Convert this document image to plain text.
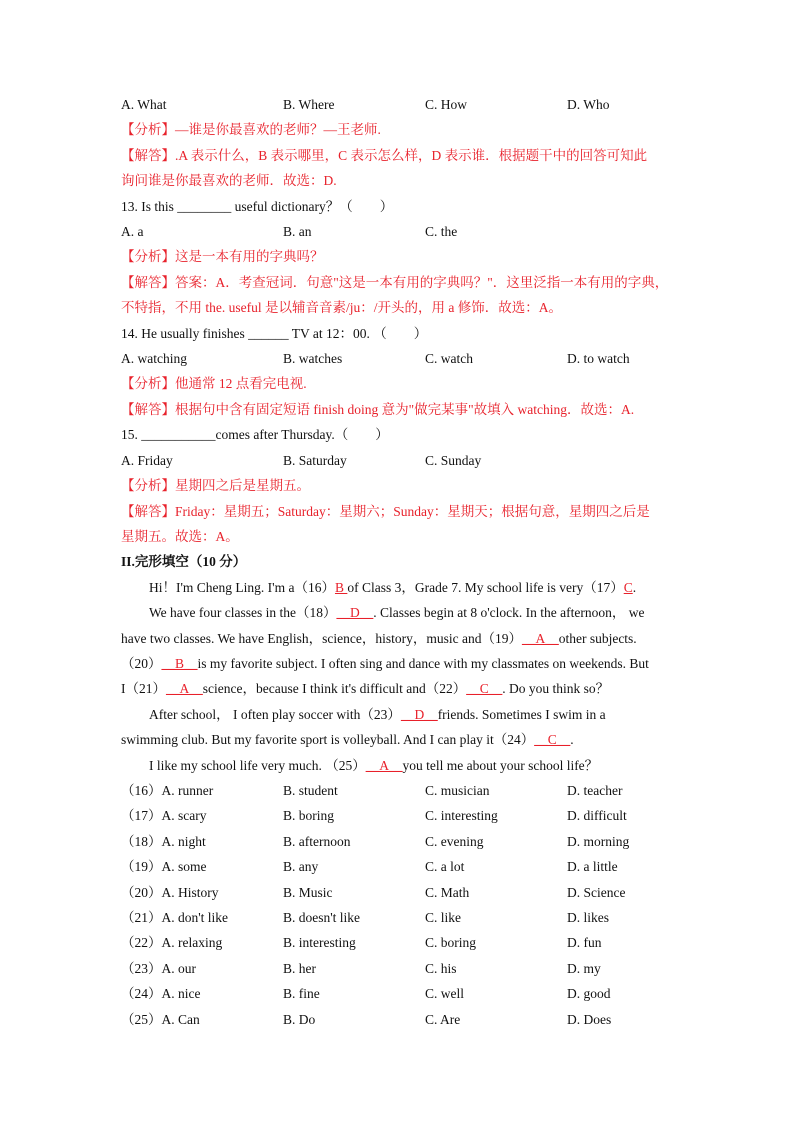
A. What	B. Where	C. How	D. Who
【分析】—谁是你最喜欢的老师？—王老师.
【解答】.A 表示什么，B 表示哪里，C 表示怎么样，D 表示谁．根据题干中的回答可知此
询问谁是你最喜欢的老师．故选：D.
13. Is this ________ useful dictionary？（　　）
A. a	B. an	C. the
【分析】这是一本有用的字典吗？
【解答】答案：A．考查冠词．句意"这是一本有用的字典吗？"．这里泛指一本有用的字典，
不特指，不用 the. useful 是以辅音音素/ju：/开头的，用 a 修饰．故选：A。
14. He usually finishes ______ TV at 12：00. （　　）
A. watching	B. watches	C. watch	D. to watch
【分析】他通常 12 点看完电视.
【解答】根据句中含有固定短语 finish doing 意为"做完某事"故填入 watching．故选：A.
15. ___________comes after Thursday.（　　）
A. Friday	B. Saturday	C. Sunday
【分析】星期四之后是星期五。
【解答】Friday：星期五；Saturday：星期六；Sunday：星期天；根据句意，星期四之后是
星期五。故选：A。
II.完形填空（10 分）
Hi！I'm Cheng Ling. I'm a（16）B of Class 3，Grade 7. My school life is very（17）C.
We have four classes in the（18）__D__. Classes begin at 8 o'clock. In the afternoon， we
have two classes. We have English，science，history，music and（19）__A__other subjects.
（20）__B__is my favorite subject. I often sing and dance with my classmates on weekends. But
I（21）__A__science，because I think it's difficult and（22）__C__. Do you think so？
After school， I often play soccer with（23）__D__friends. Sometimes I swim in a
swimming club. But my favorite sport is volleyball. And I can play it（24）__C__.
I like my school life very much. （25）__A__you tell me about your school life？
（16）A. runner	B. student	C. musician	D. teacher
（17）A. scary	B. boring	C. interesting	D. difficult
（18）A. night	B. afternoon	C. evening	D. morning
（19）A. some	B. any	C. a lot	D. a little
（20）A. History	B. Music	C. Math	D. Science
（21）A. don't like	B. doesn't like	C. like	D. likes
（22）A. relaxing	B. interesting	C. boring	D. fun
（23）A. our	B. her	C. his	D. my
（24）A. nice	B. fine	C. well	D. good
（25）A. Can	B. Do	C. Are	D. Does
